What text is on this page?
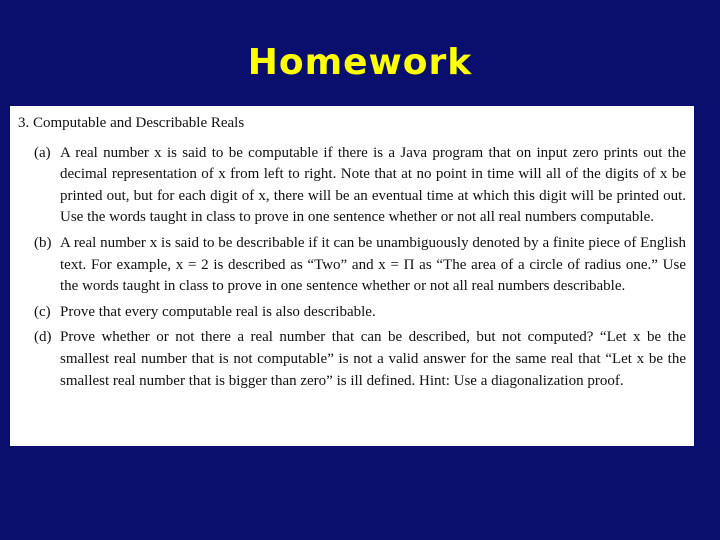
Homework
3. Computable and Describable Reals
(a) A real number x is said to be computable if there is a Java program that on input zero prints out the decimal representation of x from left to right. Note that at no point in time will all of the digits of x be printed out, but for each digit of x, there will be an eventual time at which this digit will be printed out. Use the words taught in class to prove in one sentence whether or not all real numbers computable.
(b) A real number x is said to be describable if it can be unambiguously denoted by a finite piece of English text. For example, x = 2 is described as “Two” and x = Π as “The area of a circle of radius one.” Use the words taught in class to prove in one sentence whether or not all real numbers describable.
(c) Prove that every computable real is also describable.
(d) Prove whether or not there a real number that can be described, but not computed? “Let x be the smallest real number that is not computable” is not a valid answer for the same real that “Let x be the smallest real number that is bigger than zero” is ill defined. Hint: Use a diagonalization proof.
